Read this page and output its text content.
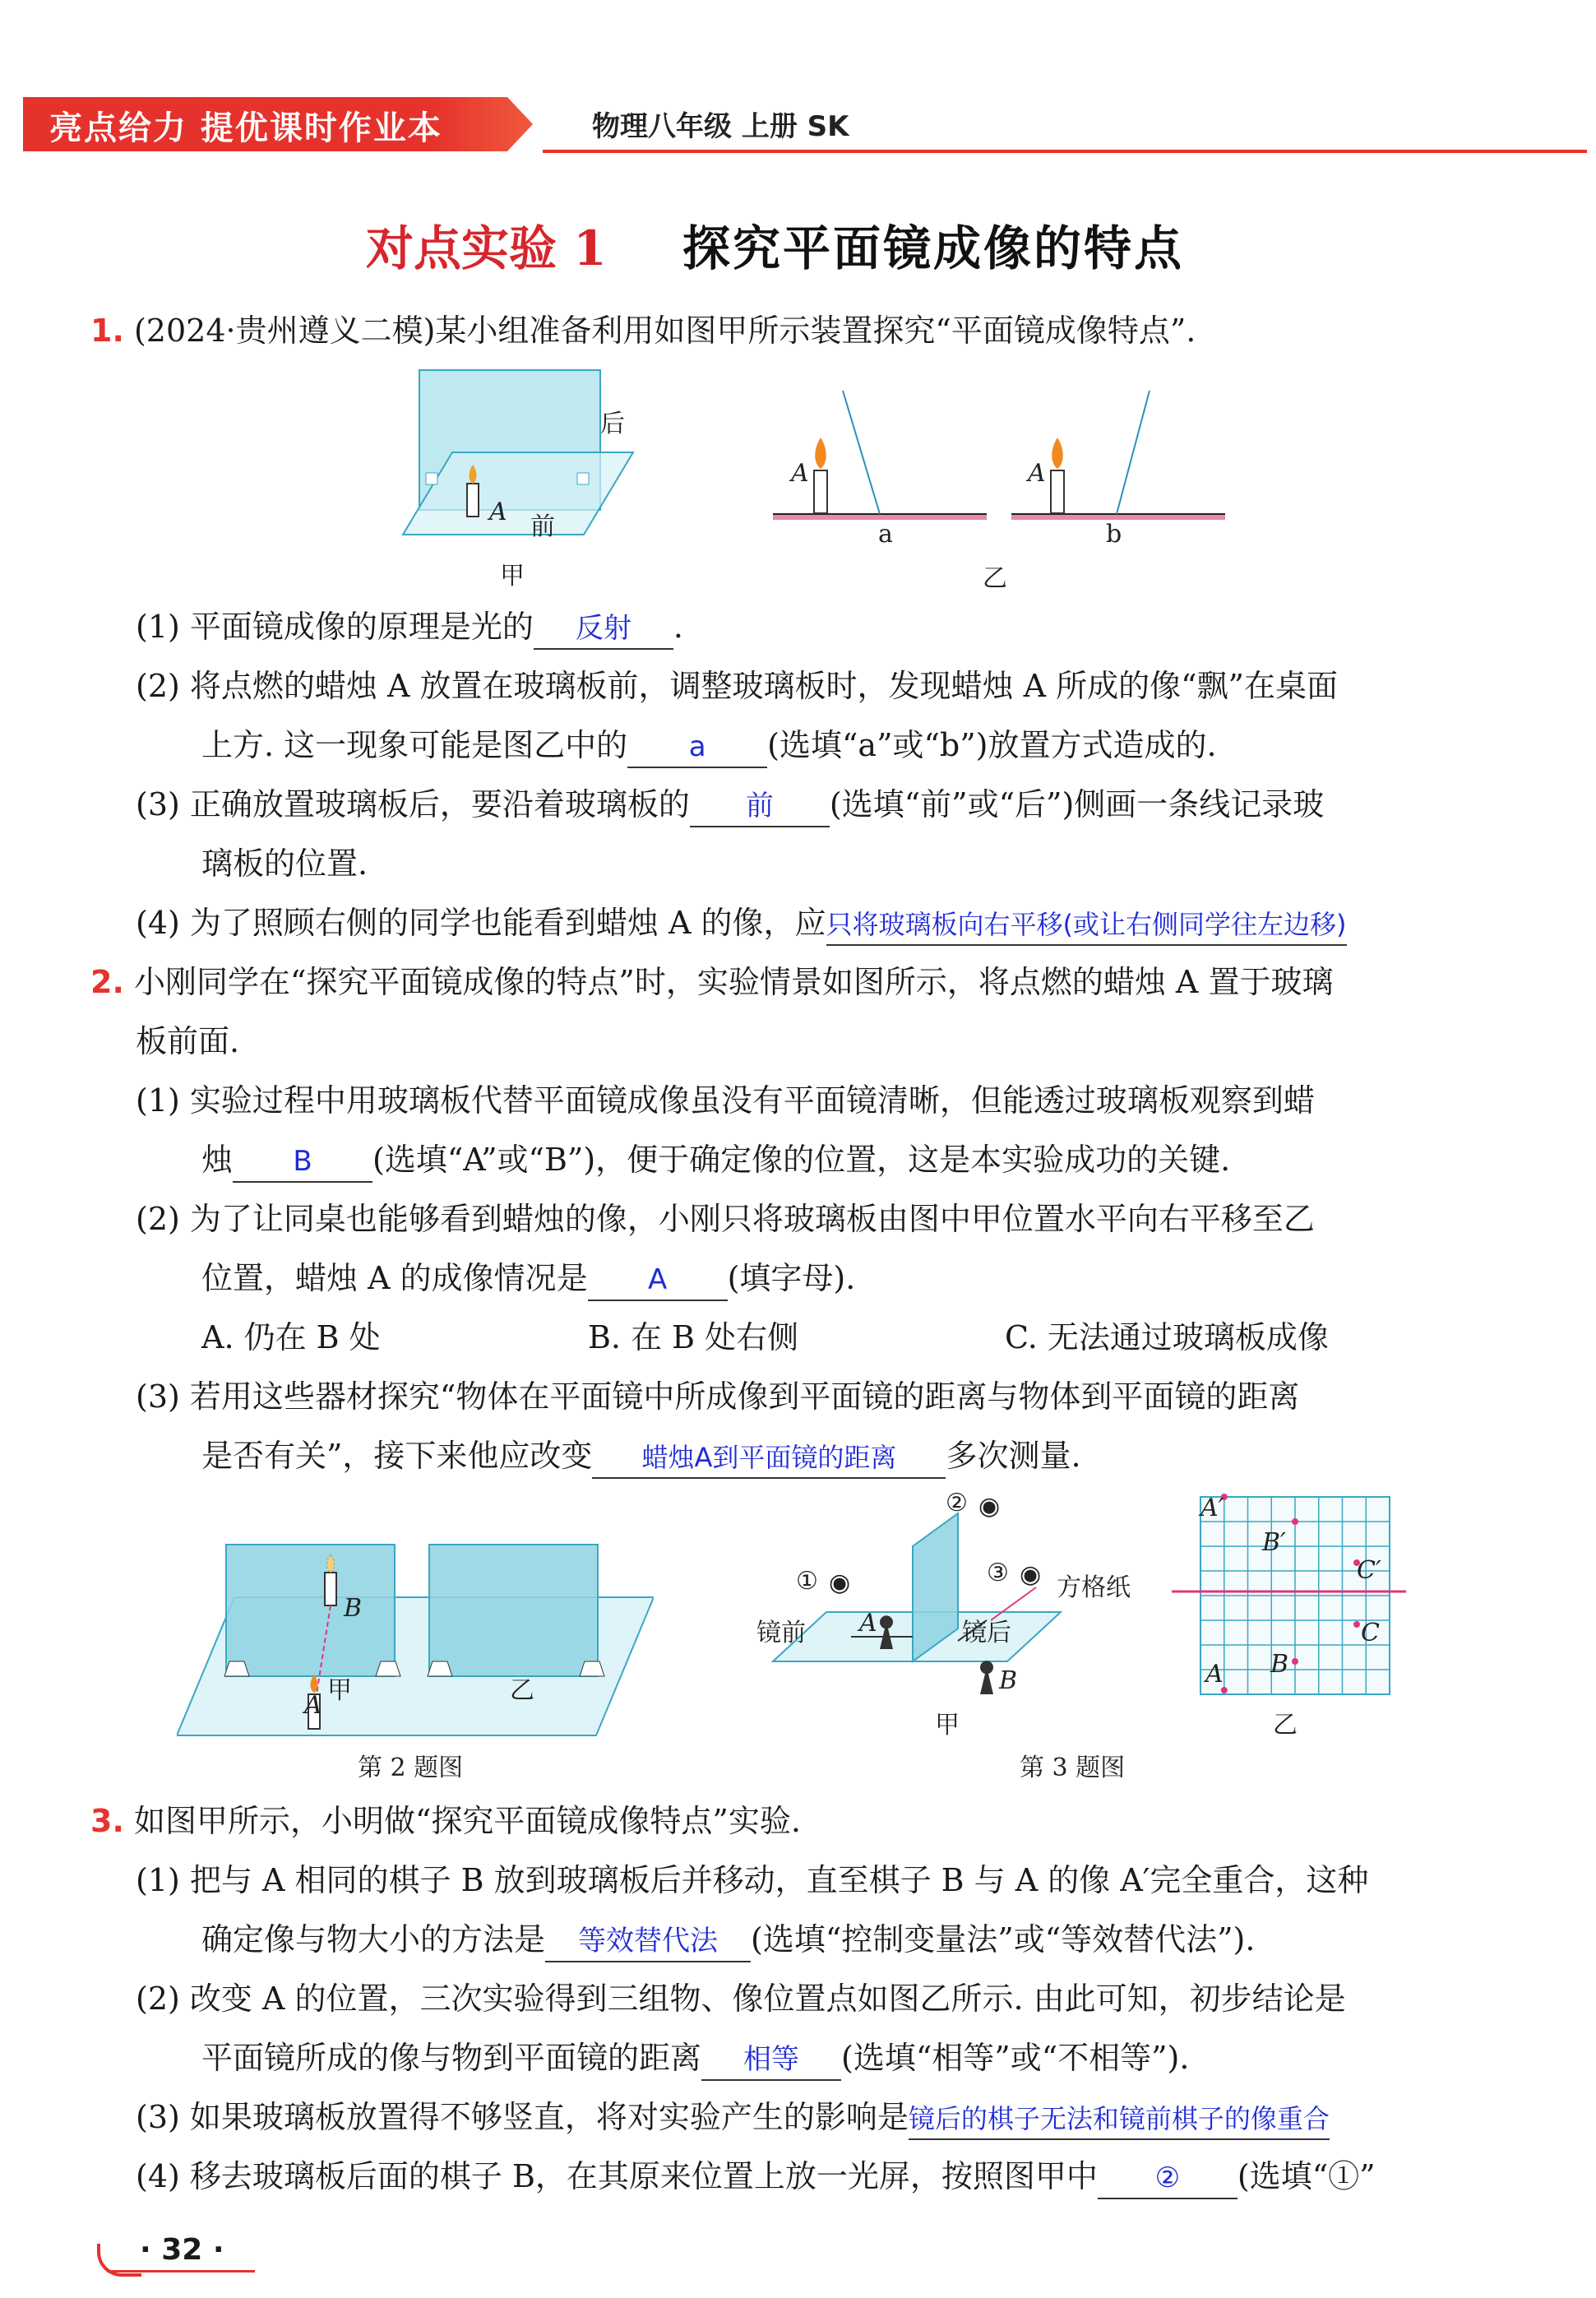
亮点给力 提优课时作业本	物理八年级 上册 SK
对点实验 1 探究平面镜成像的特点
1. (2024·贵州遵义二模)某小组准备利用如图甲所示装置探究“平面镜成像特点”.
后
前
A
甲
A	A
a	b
乙
(1) 平面镜成像的原理是光的 反射 .
(2) 将点燃的蜡烛 A 放置在玻璃板前，调整玻璃板时，发现蜡烛 A 所成的像“飘”在桌面
上方. 这一现象可能是图乙中的 a (选填“a”或“b”)放置方式造成的.
(3) 正确放置玻璃板后，要沿着玻璃板的 前 (选填“前”或“后”)侧画一条线记录玻
璃板的位置.
(4) 为了照顾右侧的同学也能看到蜡烛 A 的像，应只将玻璃板向右平移(或让右侧同学往左边移)
2. 小刚同学在“探究平面镜成像的特点”时，实验情景如图所示，将点燃的蜡烛 A 置于玻璃
板前面.
(1) 实验过程中用玻璃板代替平面镜成像虽没有平面镜清晰，但能透过玻璃板观察到蜡
烛 B (选填“A”或“B”)，便于确定像的位置，这是本实验成功的关键.
(2) 为了让同桌也能够看到蜡烛的像，小刚只将玻璃板由图中甲位置水平向右平移至乙
位置，蜡烛 A 的成像情况是 A (填字母).
A. 仍在 B 处	B. 在 B 处右侧	C. 无法通过玻璃板成像
(3) 若用这些器材探究“物体在平面镜中所成像到平面镜的距离与物体到平面镜的距离
是否有关”，接下来他应改变 蜡烛A到平面镜的距离 多次测量.
B
A
甲	乙
第 2 题图
② ◉
① ◉	③ ◉ 方格纸
镜前 A	镜后
B
甲
A′
B′
C′
C
A B
乙
第 3 题图
3. 如图甲所示，小明做“探究平面镜成像特点”实验.
(1) 把与 A 相同的棋子 B 放到玻璃板后并移动，直至棋子 B 与 A 的像 A′完全重合，这种
确定像与物大小的方法是 等效替代法 (选填“控制变量法”或“等效替代法”).
(2) 改变 A 的位置，三次实验得到三组物、像位置点如图乙所示. 由此可知，初步结论是
平面镜所成的像与物到平面镜的距离 相等 (选填“相等”或“不相等”).
(3) 如果玻璃板放置得不够竖直，将对实验产生的影响是镜后的棋子无法和镜前棋子的像重合
(4) 移去玻璃板后面的棋子 B，在其原来位置上放一光屏，按照图甲中 ② (选填“①”
· 32 ·
